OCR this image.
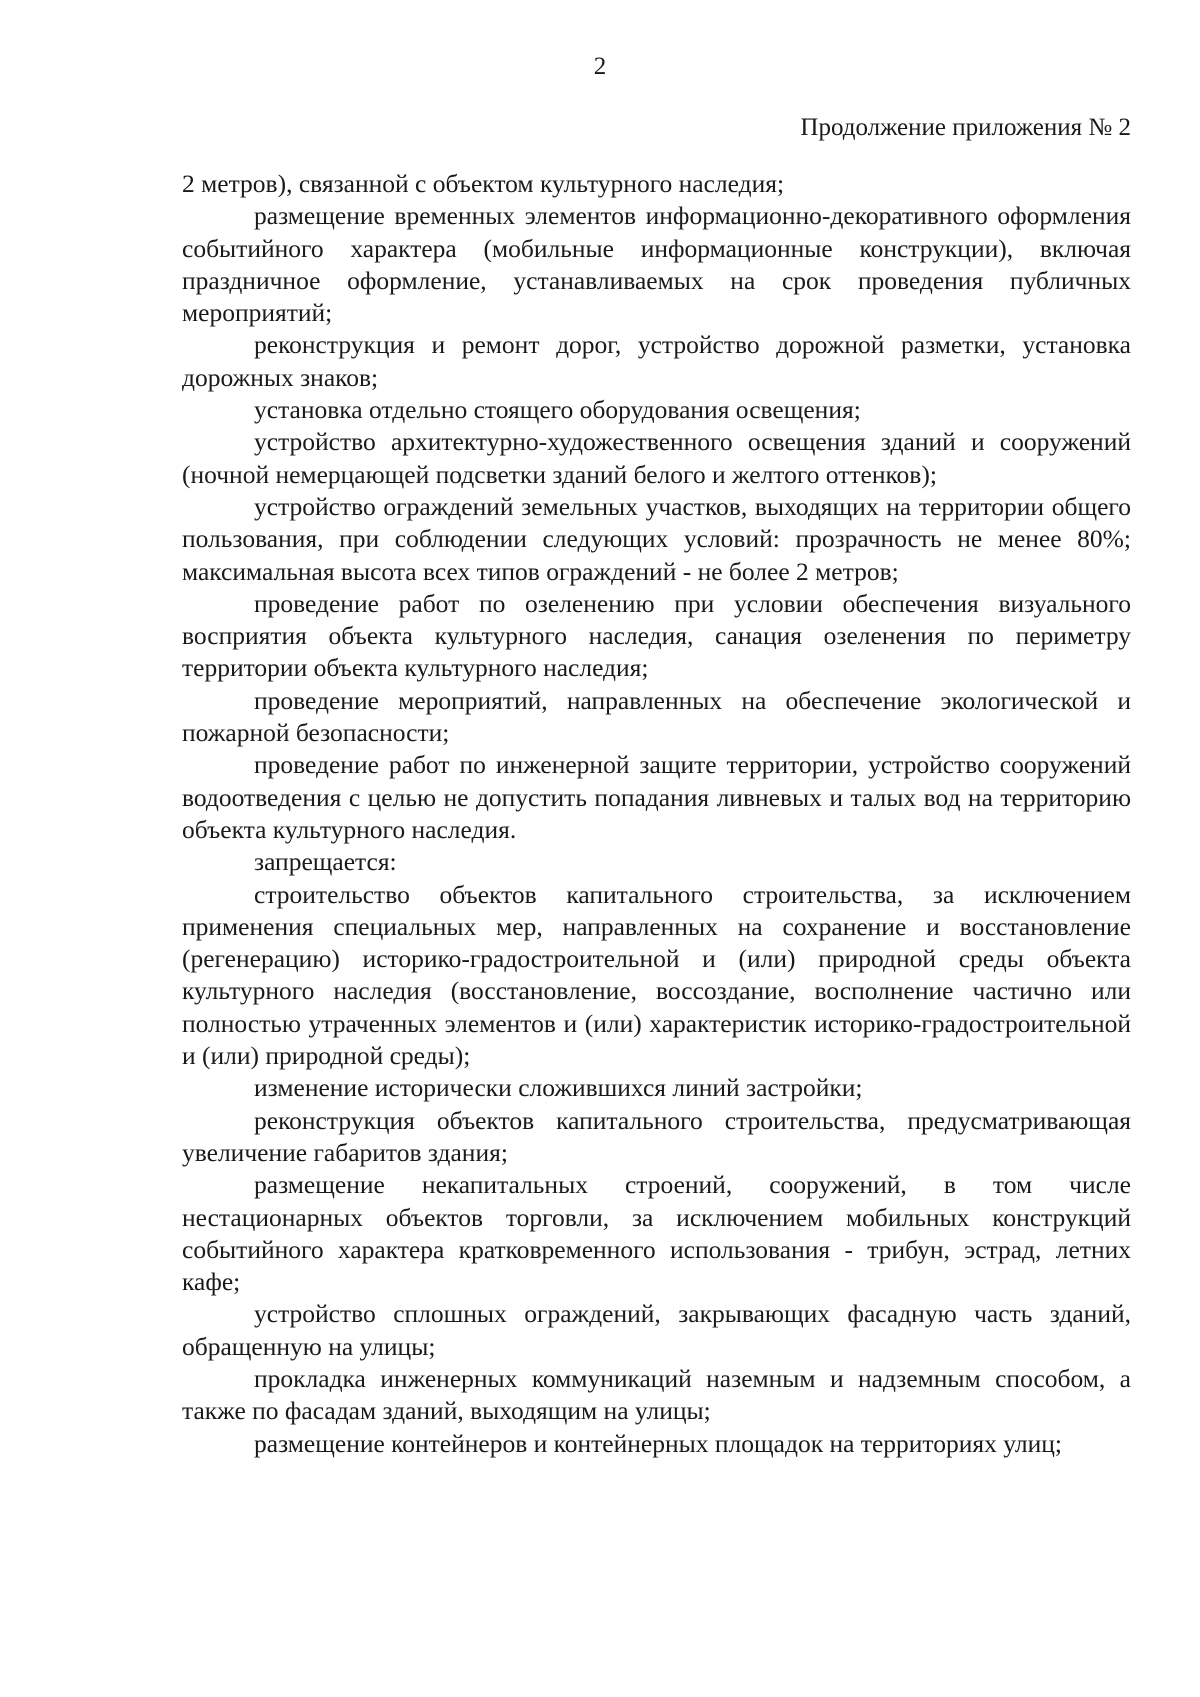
2
Продолжение приложения № 2

2 метров), связанной с объектом культурного наследия;

размещение временных элементов информационно-декоративного оформления событийного характера (мобильные информационные конструкции), включая праздничное оформление, устанавливаемых на срок проведения публичных мероприятий;

реконструкция и ремонт дорог, устройство дорожной разметки, установка дорожных знаков;

установка отдельно стоящего оборудования освещения;

устройство архитектурно-художественного освещения зданий и сооружений (ночной немерцающей подсветки зданий белого и желтого оттенков);

устройство ограждений земельных участков, выходящих на территории общего пользования, при соблюдении следующих условий: прозрачность не менее 80%; максимальная высота всех типов ограждений - не более 2 метров;

проведение работ по озеленению при условии обеспечения визуального восприятия объекта культурного наследия, санация озеленения по периметру территории объекта культурного наследия;

проведение мероприятий, направленных на обеспечение экологической и пожарной безопасности;

проведение работ по инженерной защите территории, устройство сооружений водоотведения с целью не допустить попадания ливневых и талых вод на территорию объекта культурного наследия.

запрещается:

строительство объектов капитального строительства, за исключением применения специальных мер, направленных на сохранение и восстановление (регенерацию) историко-градостроительной и (или) природной среды объекта культурного наследия (восстановление, воссоздание, восполнение частично или полностью утраченных элементов и (или) характеристик историко-градостроительной и (или) природной среды);

изменение исторически сложившихся линий застройки;

реконструкция объектов капитального строительства, предусматривающая увеличение габаритов здания;

размещение некапитальных строений, сооружений, в том числе нестационарных объектов торговли, за исключением мобильных конструкций событийного характера кратковременного использования - трибун, эстрад, летних кафе;

устройство сплошных ограждений, закрывающих фасадную часть зданий, обращенную на улицы;

прокладка инженерных коммуникаций наземным и надземным способом, а также по фасадам зданий, выходящим на улицы;

размещение контейнеров и контейнерных площадок на территориях улиц;
